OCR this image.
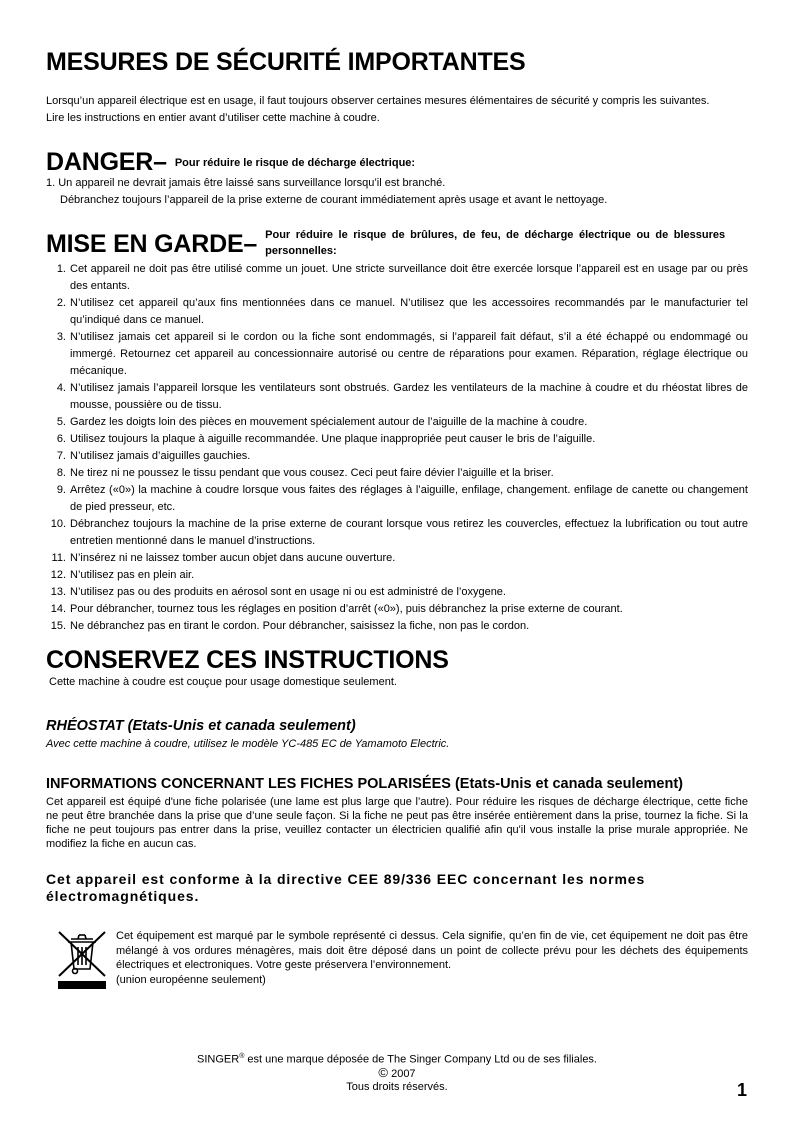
MESURES DE SÉCURITÉ IMPORTANTES

Lorsqu’un appareil électrique est en usage, il faut toujours observer certaines mesures élémentaires de sécurité y compris les suivantes.

Lire les instructions en entier avant d’utiliser cette machine à coudre.

DANGER– Pour réduire le risque de décharge électrique:
1. Un appareil ne devrait jamais être laissé sans surveillance lorsqu’il est branché.
Débranchez toujours l’appareil de la prise externe de courant immédiatement après usage et avant le nettoyage.
MISE EN GARDE– Pour réduire le risque de brûlures, de feu, de décharge électrique ou de blessures personnelles:
1. Cet appareil ne doit pas être utilisé comme un jouet. Une stricte surveillance doit être exercée lorsque l’appareil est en usage par ou près des entants.
2. N’utilisez cet appareil qu’aux fins mentionnées dans ce manuel. N’utilisez que les accessoires recommandés par le manufacturier tel qu’indiqué dans ce manuel.
3. N’utilisez jamais cet appareil si le cordon ou la fiche sont endommagés, si l’appareil fait défaut, s’il a été échappé ou endommagé ou immergé. Retournez cet appareil au concessionnaire autorisé ou centre de réparations pour examen. Réparation, réglage électrique ou mécanique.
4. N’utilisez jamais l’appareil lorsque les ventilateurs sont obstrués. Gardez les ventilateurs de la machine à coudre et du rhéostat libres de mousse, poussière ou de tissu.
5. Gardez les doigts loin des pièces en mouvement spécialement autour de l’aiguille de la machine à coudre.
6. Utilisez toujours la plaque à aiguille recommandée. Une plaque inappropriée peut causer le bris de l’aiguille.
7. N’utilisez jamais d’aiguilles gauchies.
8. Ne tirez ni ne poussez le tissu pendant que vous cousez. Ceci peut faire dévier l’aiguille et la briser.
9. Arrêtez («0») la machine à coudre lorsque vous faites des réglages à l’aiguille, enfilage, changement. enfilage de canette ou changement de pied presseur, etc.
10. Débranchez toujours la machine de la prise externe de courant lorsque vous retirez les couvercles, effectuez la lubrification ou tout autre entretien mentionné dans le manuel d’instructions.
11. N’insérez ni ne laissez tomber aucun objet dans aucune ouverture.
12. N’utilisez pas en plein air.
13. N’utilisez pas ou des produits en aérosol sont en usage ni ou est administré de l’oxygene.
14. Pour débrancher, tournez tous les réglages en position d’arrêt («0»), puis débranchez la prise externe de courant.
15. Ne débranchez pas en tirant le cordon. Pour débrancher, saisissez la fiche, non pas le cordon.
CONSERVEZ CES INSTRUCTIONS

Cette machine à coudre est couçue pour usage domestique seulement.

RHÉOSTAT (Etats-Unis et canada seulement)

Avec cette machine à coudre, utilisez le modèle YC-485 EC de Yamamoto Electric.

INFORMATIONS CONCERNANT LES FICHES POLARISÉES (Etats-Unis et canada seulement)

Cet appareil est équipé d'une fiche polarisée (une lame est plus large que l’autre). Pour réduire les risques de décharge électrique, cette fiche ne peut être branchée dans la prise que d’une seule façon. Si la fiche ne peut pas être insérée entièrement dans la prise, tournez la fiche. Si la fiche ne peut toujours pas entrer dans la prise, veuillez contacter un électricien qualifié afin qu'il vous installe la prise murale appropriée. Ne modifiez la fiche en aucun cas.

Cet appareil est conforme à la directive CEE 89/336 EEC concernant les normes électromagnétiques.
Cet équipement est marqué par le symbole représenté ci dessus. Cela signifie, qu’en fin de vie, cet équipement ne doit pas être mélangé à vos ordures ménagères, mais doit être déposé dans un point de collecte prévu pour les déchets des équipements électriques et electroniques. Votre geste préservera l’environnement.
(union européenne seulement)
SINGER® est une marque déposée de The Singer Company Ltd ou de ses filiales.
© 2007
Tous droits réservés.	1
